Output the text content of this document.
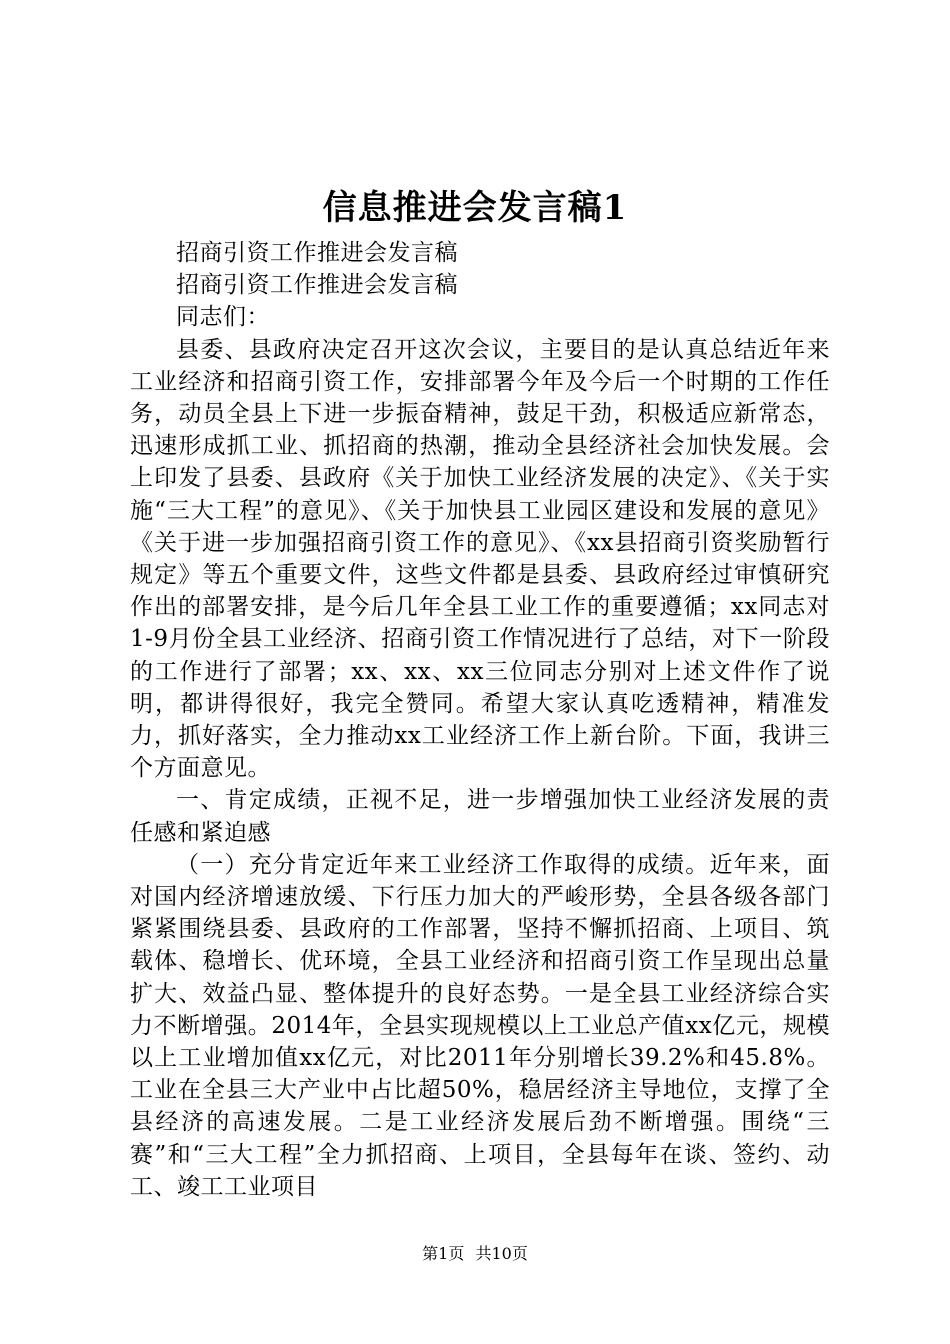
信息推进会发言稿1

招商引资工作推进会发言稿

招商引资工作推进会发言稿

同志们：

县委、县政府决定召开这次会议，主要目的是认真总结近年来工业经济和招商引资工作，安排部署今年及今后一个时期的工作任务，动员全县上下进一步振奋精神，鼓足干劲，积极适应新常态，迅速形成抓工业、抓招商的热潮，推动全县经济社会加快发展。会上印发了县委、县政府《关于加快工业经济发展的决定》、《关于实施“三大工程”的意见》、《关于加快县工业园区建设和发展的意见》《关于进一步加强招商引资工作的意见》、《xx县招商引资奖励暂行规定》等五个重要文件，这些文件都是县委、县政府经过审慎研究作出的部署安排，是今后几年全县工业工作的重要遵循；xx同志对1-9月份全县工业经济、招商引资工作情况进行了总结，对下一阶段的工作进行了部署；xx、xx、xx三位同志分别对上述文件作了说明，都讲得很好，我完全赞同。希望大家认真吃透精神，精准发力，抓好落实，全力推动xx工业经济工作上新台阶。下面，我讲三个方面意见。

一、肯定成绩，正视不足，进一步增强加快工业经济发展的责任感和紧迫感

（一）充分肯定近年来工业经济工作取得的成绩。近年来，面对国内经济增速放缓、下行压力加大的严峻形势，全县各级各部门紧紧围绕县委、县政府的工作部署，坚持不懈抓招商、上项目、筑载体、稳增长、优环境，全县工业经济和招商引资工作呈现出总量扩大、效益凸显、整体提升的良好态势。一是全县工业经济综合实力不断增强。2014年，全县实现规模以上工业总产值xx亿元，规模以上工业增加值xx亿元，对比2011年分别增长39.2%和45.8%。工业在全县三大产业中占比超50%，稳居经济主导地位，支撑了全县经济的高速发展。二是工业经济发展后劲不断增强。围绕“三赛”和“三大工程”全力抓招商、上项目，全县每年在谈、签约、动工、竣工工业项目

第1页 共10页
